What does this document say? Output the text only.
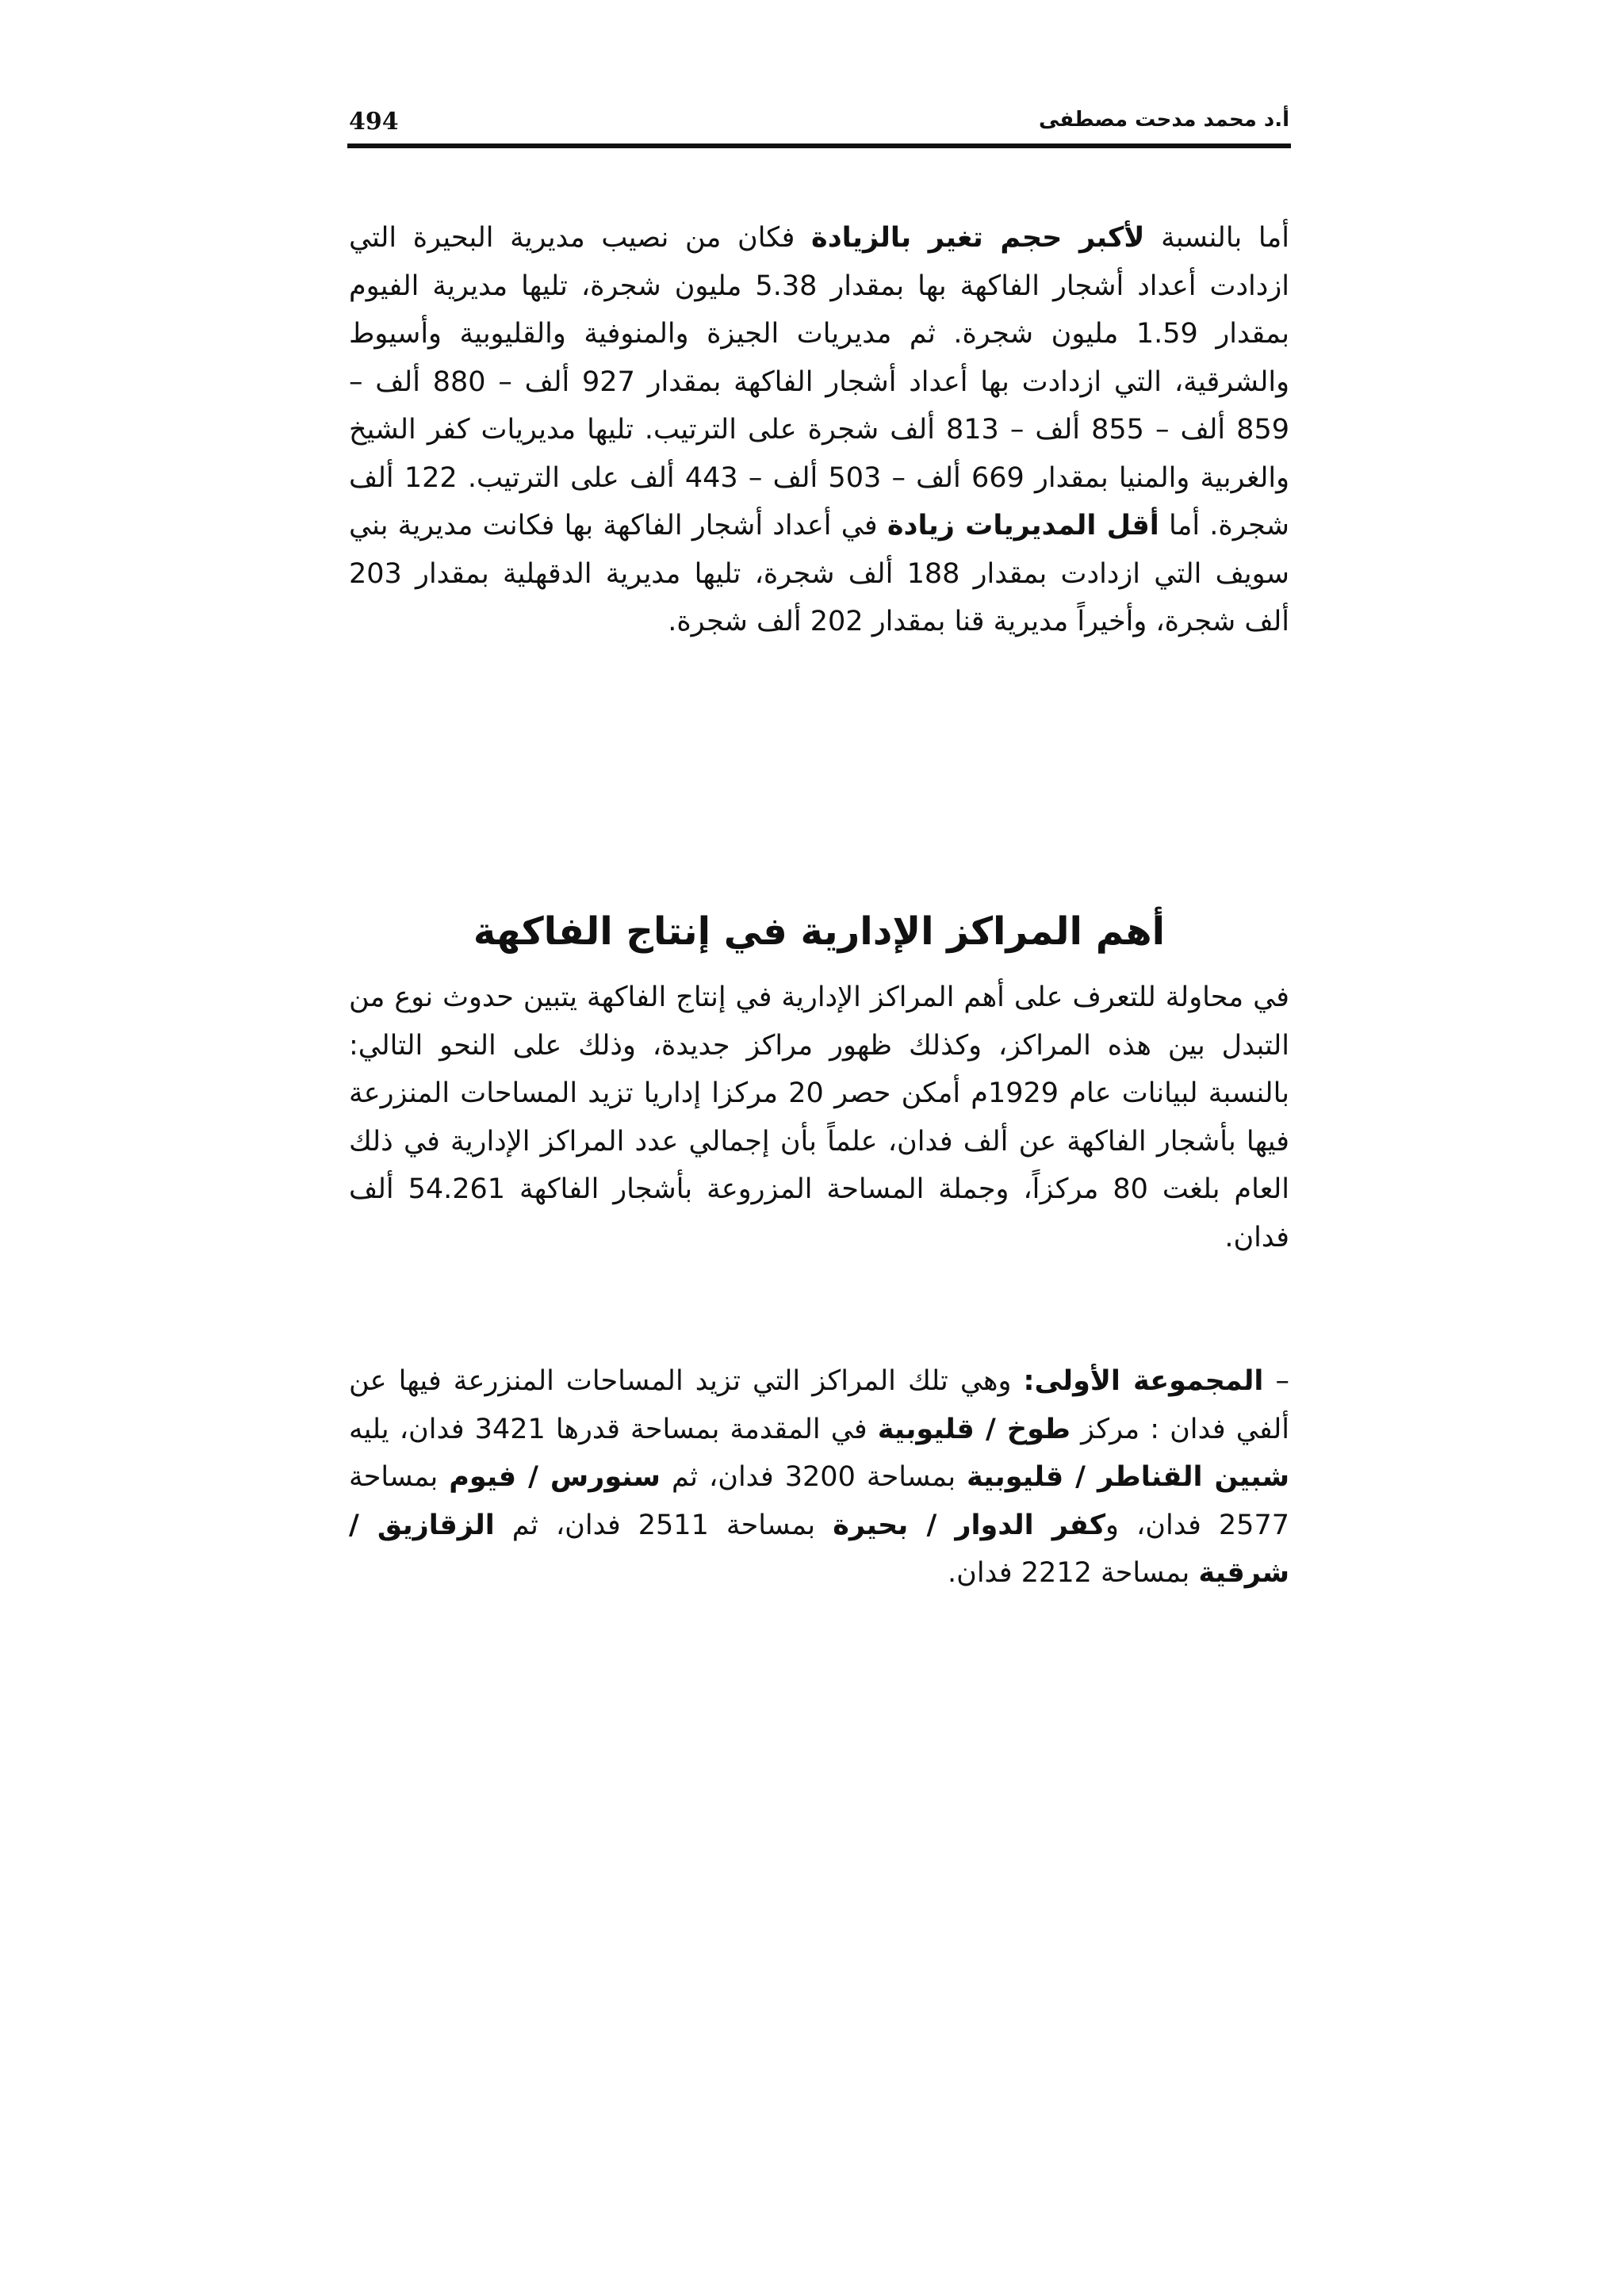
494	أ.د محمد مدحت مصطفى

أما بالنسبة لأكبر حجم تغير بالزيادة فكان من نصيب مديرية البحيرة التي ازدادت أعداد أشجار الفاكهة بها بمقدار 5.38 مليون شجرة، تليها مديرية الفيوم بمقدار 1.59 مليون شجرة. ثم مديريات الجيزة والمنوفية والقليوبية وأسيوط والشرقية، التي ازدادت بها أعداد أشجار الفاكهة بمقدار 927 ألف – 880 ألف – 859 ألف – 855 ألف – 813 ألف شجرة على الترتيب. تليها مديريات كفر الشيخ والغربية والمنيا بمقدار 669 ألف – 503 ألف – 443 ألف على الترتيب. 122 ألف شجرة. أما أقل المديريات زيادة في أعداد أشجار الفاكهة بها فكانت مديرية بني سويف التي ازدادت بمقدار 188 ألف شجرة، تليها مديرية الدقهلية بمقدار 203 ألف شجرة، وأخيراً مديرية قنا بمقدار 202 ألف شجرة.

أهم المراكز الإدارية في إنتاج الفاكهة

في محاولة للتعرف على أهم المراكز الإدارية في إنتاج الفاكهة يتبين حدوث نوع من التبدل بين هذه المراكز، وكذلك ظهور مراكز جديدة، وذلك على النحو التالي: بالنسبة لبيانات عام 1929م أمكن حصر 20 مركزا إداريا تزيد المساحات المنزرعة فيها بأشجار الفاكهة عن ألف فدان، علماً بأن إجمالي عدد المراكز الإدارية في ذلك العام بلغت 80 مركزاً، وجملة المساحة المزروعة بأشجار الفاكهة 54.261 ألف فدان.

– المجموعة الأولى: وهي تلك المراكز التي تزيد المساحات المنزرعة فيها عن ألفي فدان : مركز طوخ / قليوبية في المقدمة بمساحة قدرها 3421 فدان، يليه شبين القناطر / قليوبية بمساحة 3200 فدان، ثم سنورس / فيوم بمساحة 2577 فدان، وكفر الدوار / بحيرة بمساحة 2511 فدان، ثم الزقازيق / شرقية بمساحة 2212 فدان.
